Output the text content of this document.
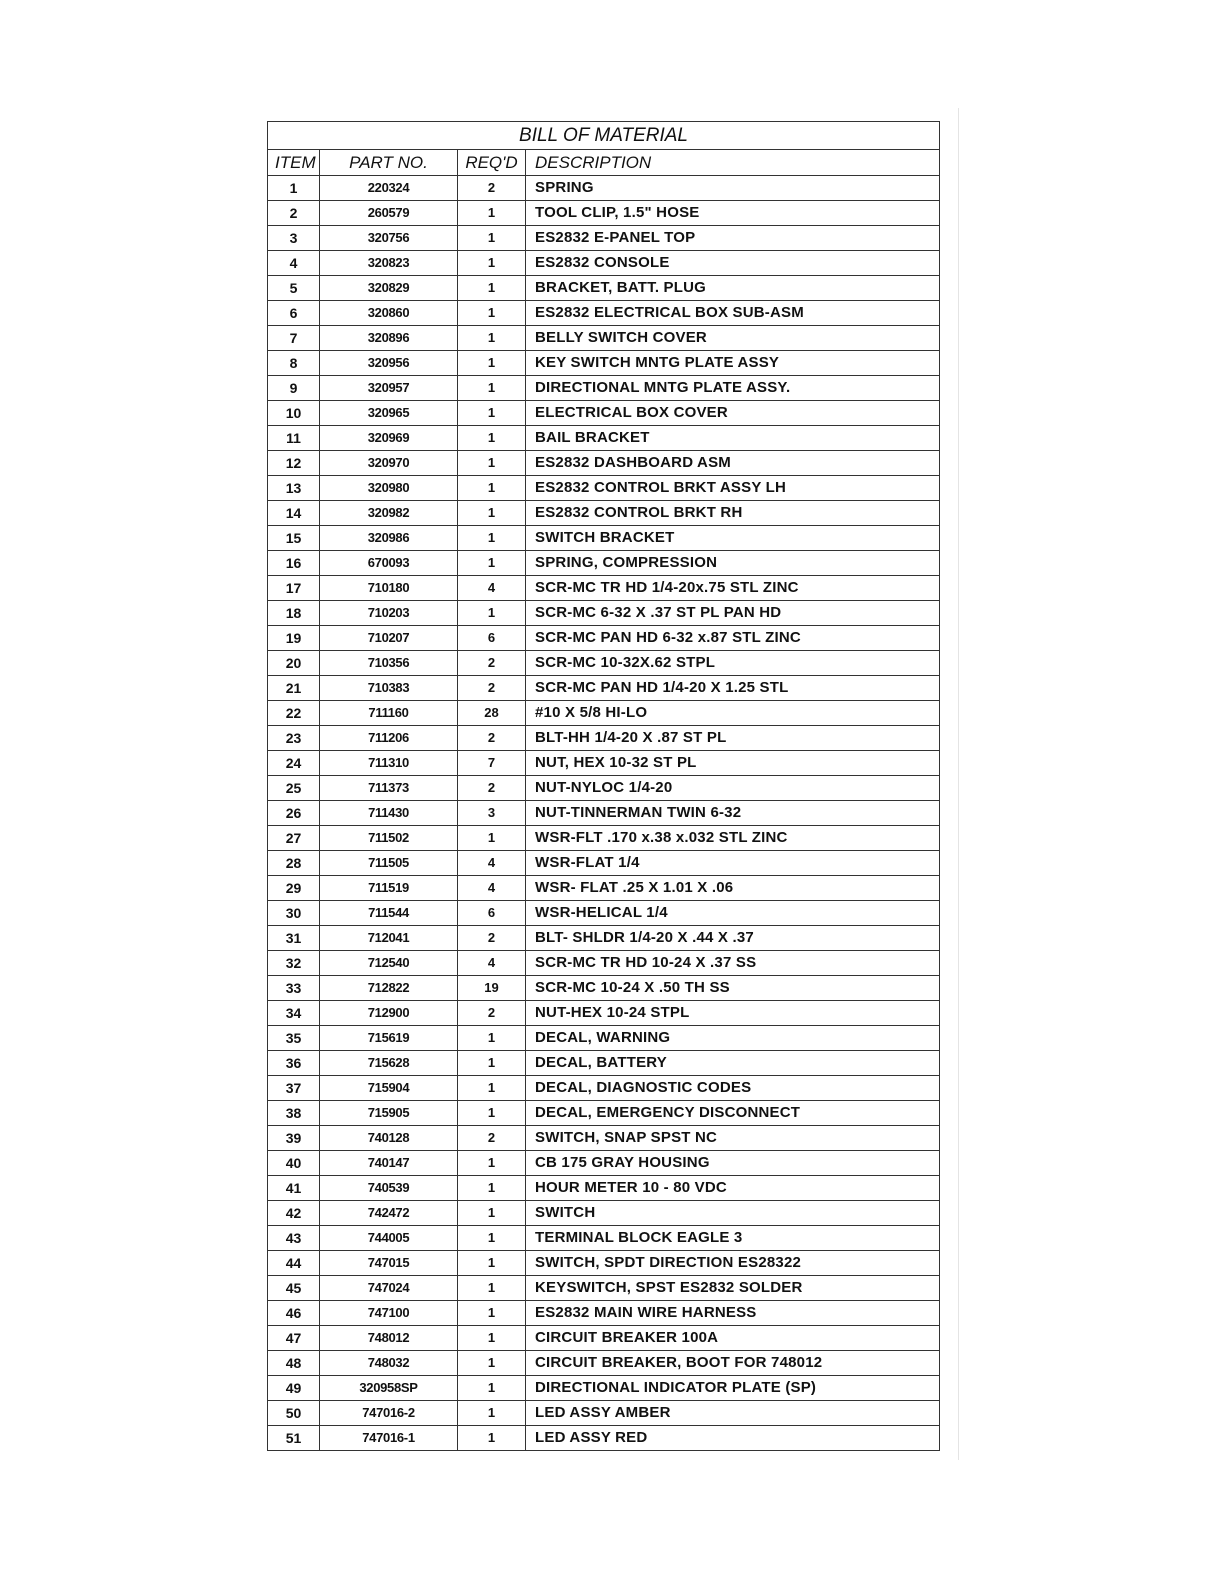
BILL OF MATERIAL			
ITEM	PART NO.	REQ'D	DESCRIPTION
1	220324	2	SPRING
2	260579	1	TOOL CLIP, 1.5" HOSE
3	320756	1	ES2832 E-PANEL TOP
4	320823	1	ES2832 CONSOLE
5	320829	1	BRACKET, BATT. PLUG
6	320860	1	ES2832 ELECTRICAL BOX SUB-ASM
7	320896	1	BELLY SWITCH COVER
8	320956	1	KEY SWITCH MNTG PLATE ASSY
9	320957	1	DIRECTIONAL MNTG PLATE ASSY.
10	320965	1	ELECTRICAL BOX COVER
11	320969	1	BAIL BRACKET
12	320970	1	ES2832 DASHBOARD ASM
13	320980	1	ES2832 CONTROL BRKT ASSY LH
14	320982	1	ES2832 CONTROL BRKT RH
15	320986	1	SWITCH BRACKET
16	670093	1	SPRING, COMPRESSION
17	710180	4	SCR-MC TR HD 1/4-20x.75 STL ZINC
18	710203	1	SCR-MC 6-32 X .37 ST PL PAN HD
19	710207	6	SCR-MC PAN HD 6-32 x.87 STL ZINC
20	710356	2	SCR-MC 10-32X.62 STPL
21	710383	2	SCR-MC PAN HD 1/4-20 X 1.25 STL
22	711160	28	#10 X 5/8 HI-LO
23	711206	2	BLT-HH 1/4-20 X .87 ST PL
24	711310	7	NUT, HEX 10-32 ST PL
25	711373	2	NUT-NYLOC 1/4-20
26	711430	3	NUT-TINNERMAN TWIN 6-32
27	711502	1	WSR-FLT .170 x.38 x.032 STL ZINC
28	711505	4	WSR-FLAT 1/4
29	711519	4	WSR- FLAT .25 X 1.01 X .06
30	711544	6	WSR-HELICAL 1/4
31	712041	2	BLT- SHLDR 1/4-20 X .44 X .37
32	712540	4	SCR-MC TR HD 10-24 X .37 SS
33	712822	19	SCR-MC 10-24 X .50 TH SS
34	712900	2	NUT-HEX 10-24 STPL
35	715619	1	DECAL, WARNING
36	715628	1	DECAL, BATTERY
37	715904	1	DECAL, DIAGNOSTIC CODES
38	715905	1	DECAL, EMERGENCY DISCONNECT
39	740128	2	SWITCH, SNAP SPST NC
40	740147	1	CB 175 GRAY HOUSING
41	740539	1	HOUR METER 10 - 80 VDC
42	742472	1	SWITCH
43	744005	1	TERMINAL BLOCK EAGLE 3
44	747015	1	SWITCH, SPDT DIRECTION ES28322
45	747024	1	KEYSWITCH, SPST ES2832 SOLDER
46	747100	1	ES2832 MAIN WIRE HARNESS
47	748012	1	CIRCUIT BREAKER 100A
48	748032	1	CIRCUIT BREAKER, BOOT FOR 748012
49	320958SP	1	DIRECTIONAL INDICATOR PLATE (SP)
50	747016-2	1	LED ASSY AMBER
51	747016-1	1	LED ASSY RED
